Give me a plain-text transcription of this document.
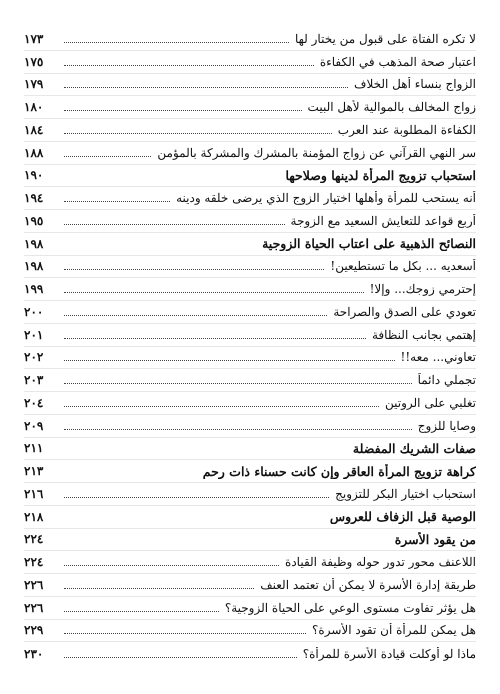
لا تكره الفتاة على قبول من يختار لها
١٧٣
اعتبار صحة المذهب في الكفاءة
١٧٥
الزواج بنساء أهل الخلاف
١٧٩
زواج المخالف بالموالية لأهل البيت
١٨٠
الكفاءة المطلوبة عند العرب
١٨٤
سر النهي القرآني عن زواج المؤمنة بالمشرك والمشركة بالمؤمن
١٨٨
استحباب تزويج المرأة لدينها وصلاحها
١٩٠
أنه يستحب للمرأة وأهلها اختيار الزوج الذي يرضى خلقه ودينه
١٩٤
أربع قواعد للتعايش السعيد مع الزوجة
١٩٥
النصائح الذهبية على اعتاب الحياة الزوجية
١٩٨
أسعديه ... بكل ما تستطيعين!
١٩٨
إحترمي زوجك... وإلا!
١٩٩
تعودي على الصدق والصراحة
٢٠٠
إهتمي بجانب النظافة
٢٠١
تعاوني... معه!!
٢٠٢
تجملي دائماً
٢٠٣
تغلبي على الروتين
٢٠٤
وصايا للزوج
٢٠٩
صفات الشريك المفضلة
٢١١
كراهة تزويج المرأة العاقر وإن كانت حسناء ذات رحم
٢١٣
استحباب اختيار البكر للتزويج
٢١٦
الوصية قبل الزفاف للعروس
٢١٨
من يقود الأسرة
٢٢٤
اللاعنف محور تدور حوله وظيفة القيادة
٢٢٤
طريقة إدارة الأسرة لا يمكن أن تعتمد العنف
٢٢٦
هل يؤثر تفاوت مستوى الوعي على الحياة الزوجية؟
٢٢٦
هل يمكن للمرأة أن تقود الأسرة؟
٢٢٩
ماذا لو أوكلت قيادة الأسرة للمرأة؟
٢٣٠
